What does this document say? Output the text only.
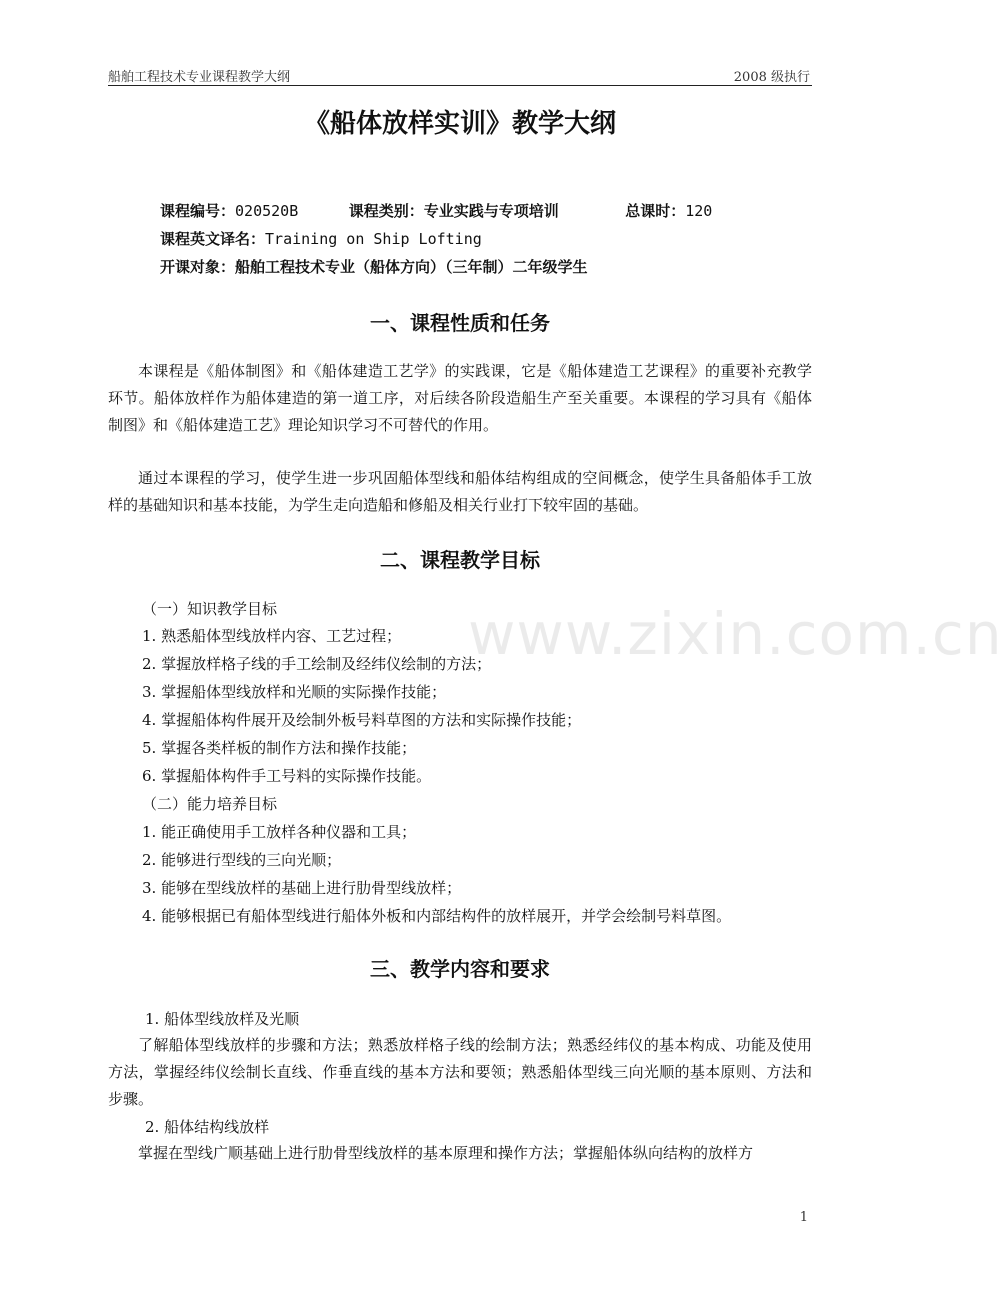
船舶工程技术专业课程教学大纲	2008 级执行
《船体放样实训》教学大纲
课程编号：020520B	课程类别：专业实践与专项培训	总课时：120
课程英文译名：Training on Ship Lofting
开课对象：船舶工程技术专业（船体方向）（三年制）二年级学生
一、课程性质和任务
本课程是《船体制图》和《船体建造工艺学》的实践课，它是《船体建造工艺课程》的重要补充教学环节。船体放样作为船体建造的第一道工序，对后续各阶段造船生产至关重要。本课程的学习具有《船体制图》和《船体建造工艺》理论知识学习不可替代的作用。
通过本课程的学习，使学生进一步巩固船体型线和船体结构组成的空间概念，使学生具备船体手工放样的基础知识和基本技能，为学生走向造船和修船及相关行业打下较牢固的基础。
二、课程教学目标
（一）知识教学目标
1. 熟悉船体型线放样内容、工艺过程；
2. 掌握放样格子线的手工绘制及经纬仪绘制的方法；
3. 掌握船体型线放样和光顺的实际操作技能；
4. 掌握船体构件展开及绘制外板号料草图的方法和实际操作技能；
5. 掌握各类样板的制作方法和操作技能；
6. 掌握船体构件手工号料的实际操作技能。
（二）能力培养目标
1. 能正确使用手工放样各种仪器和工具；
2. 能够进行型线的三向光顺；
3. 能够在型线放样的基础上进行肋骨型线放样；
4. 能够根据已有船体型线进行船体外板和内部结构件的放样展开，并学会绘制号料草图。
三、教学内容和要求
1. 船体型线放样及光顺
了解船体型线放样的步骤和方法；熟悉放样格子线的绘制方法；熟悉经纬仪的基本构成、功能及使用方法，掌握经纬仪绘制长直线、作垂直线的基本方法和要领；熟悉船体型线三向光顺的基本原则、方法和步骤。
2. 船体结构线放样
掌握在型线广顺基础上进行肋骨型线放样的基本原理和操作方法；掌握船体纵向结构的放样方
www.zixin.com.cn
1
